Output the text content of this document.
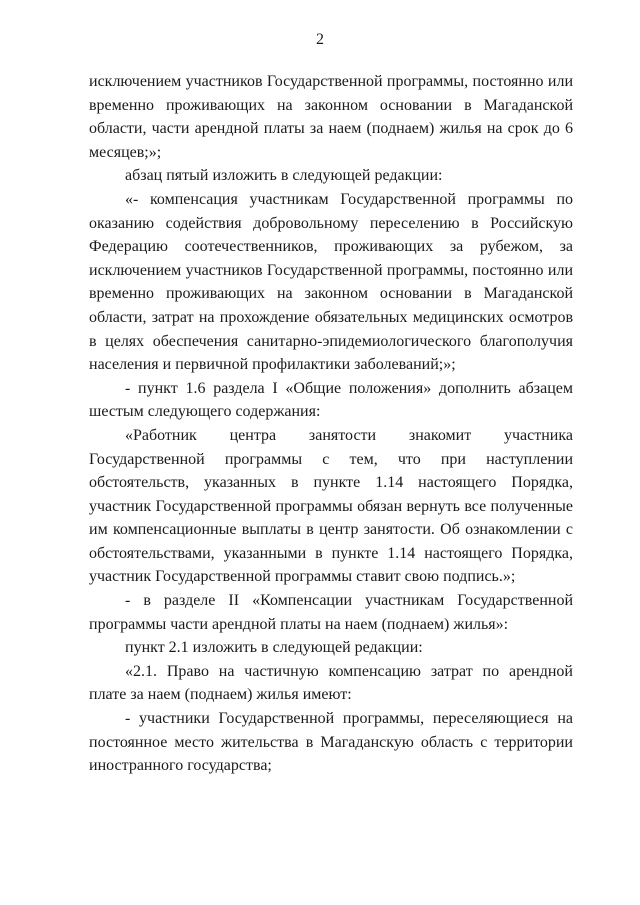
2

исключением участников Государственной программы, постоянно или временно проживающих на законном основании в Магаданской области, части арендной платы за наем (поднаем) жилья на срок до 6 месяцев;»;

абзац пятый изложить в следующей редакции:

«- компенсация участникам Государственной программы по оказанию содействия добровольному переселению в Российскую Федерацию соотечественников, проживающих за рубежом, за исключением участников Государственной программы, постоянно или временно проживающих на законном основании в Магаданской области, затрат на прохождение обязательных медицинских осмотров в целях обеспечения санитарно-эпидемиологического благополучия населения и первичной профилактики заболеваний;»;

- пункт 1.6 раздела I «Общие положения» дополнить абзацем шестым следующего содержания:

«Работник центра занятости знакомит участника Государственной программы с тем, что при наступлении обстоятельств, указанных в пункте 1.14 настоящего Порядка, участник Государственной программы обязан вернуть все полученные им компенсационные выплаты в центр занятости. Об ознакомлении с обстоятельствами, указанными в пункте 1.14 настоящего Порядка, участник Государственной программы ставит свою подпись.»;

- в разделе II «Компенсации участникам Государственной программы части арендной платы на наем (поднаем) жилья»:

пункт 2.1 изложить в следующей редакции:

«2.1. Право на частичную компенсацию затрат по арендной плате за наем (поднаем) жилья имеют:

- участники Государственной программы, переселяющиеся на постоянное место жительства в Магаданскую область с территории иностранного государства;
